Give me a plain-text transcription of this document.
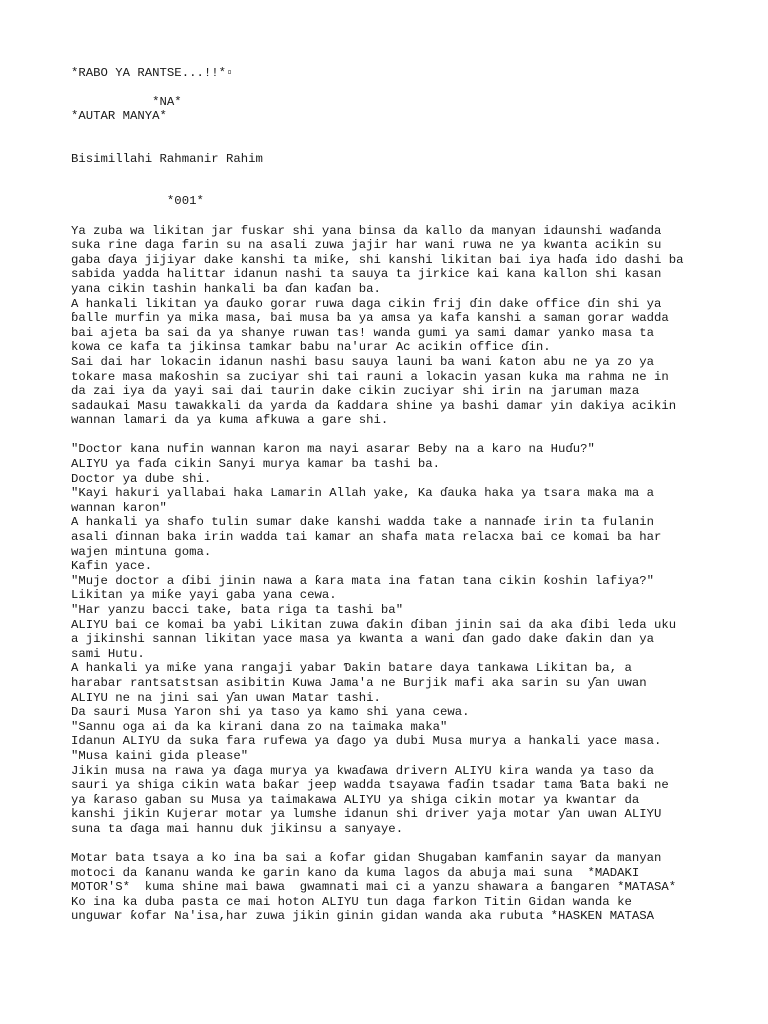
*RABO YA RANTSE...!!*▫
*NA*
*AUTAR MANYA*
Bisimillahi Rahmanir Rahim
*001*
Ya zuba wa likitan jar fuskar shi yana binsa da kallo da manyan idaunshi waɗanda
suka rine daga farin su na asali zuwa jajir har wani ruwa ne ya kwanta acikin su
gaba ɗaya jijiyar dake kanshi ta miƙe, shi kanshi likitan bai iya haɗa ido dashi ba
sabida yadda halittar idanun nashi ta sauya ta jirkice kai kana kallon shi kasan
yana cikin tashin hankali ba ɗan kaɗan ba.
A hankali likitan ya ɗauko gorar ruwa daga cikin frij ɗin dake office ɗin shi ya
ɓalle murfin ya mika masa, bai musa ba ya amsa ya kafa kanshi a saman gorar wadda
bai ajeta ba sai da ya shanye ruwan tas! wanda gumi ya sami damar yanko masa ta
kowa ce kafa ta jikinsa tamkar babu na'urar Ac acikin office ɗin.
Sai dai har lokacin idanun nashi basu sauya launi ba wani ƙaton abu ne ya zo ya
tokare masa maƙoshin sa zuciyar shi tai rauni a lokacin yasan kuka ma rahma ne in
da zai iya da yayi sai dai taurin dake cikin zuciyar shi irin na jaruman maza
sadaukai Masu tawakkali da yarda da ƙaddara shine ya bashi damar yin dakiya acikin
wannan lamari da ya kuma afkuwa a gare shi.
"Doctor kana nufin wannan karon ma nayi asarar Beby na a karo na Huɗu?"
ALIYU ya faɗa cikin Sanyi murya kamar ba tashi ba.
Doctor ya dube shi.
"Kayi hakuri yallabai haka Lamarin Allah yake, Ka ɗauka haka ya tsara maka ma a
wannan karon"
A hankali ya shafo tulin sumar dake kanshi wadda take a nannaɗe irin ta fulanin
asali ɗinnan baka irin wadda tai kamar an shafa mata relacxa bai ce komai ba har
wajen mintuna goma.
Kafin yace.
"Muje doctor a ɗibi jinin nawa a ƙara mata ina fatan tana cikin ƙoshin lafiya?"
Likitan ya miƙe yayi gaba yana cewa.
"Har yanzu bacci take, bata riga ta tashi ba"
ALIYU bai ce komai ba yabi Likitan zuwa ɗakin ɗiban jinin sai da aka ɗibi leda uku
a jikinshi sannan likitan yace masa ya kwanta a wani ɗan gado dake ɗakin dan ya
sami Hutu.
A hankali ya miƙe yana rangaji yabar Ɗakin batare daya tankawa Likitan ba, a
harabar rantsatstsan asibitin Kuwa Jama'a ne Burjik mafi aka sarin su ƴan uwan
ALIYU ne na jini sai ƴan uwan Matar tashi.
Da sauri Musa Yaron shi ya taso ya kamo shi yana cewa.
"Sannu oga ai da ka kirani dana zo na taimaka maka"
Idanun ALIYU da suka fara rufewa ya ɗago ya dubi Musa murya a hankali yace masa.
"Musa kaini gida please"
Jikin musa na rawa ya ɗaga murya ya kwaɗawa drivern ALIYU kira wanda ya taso da
sauri ya shiga cikin wata baƙar jeep wadda tsayawa faɗin tsadar tama Ɓata baki ne
ya ƙaraso gaban su Musa ya taimakawa ALIYU ya shiga cikin motar ya kwantar da
kanshi jikin Kujerar motar ya lumshe idanun shi driver yaja motar ƴan uwan ALIYU
suna ta ɗaga mai hannu duk jikinsu a sanyaye.
Motar bata tsaya a ko ina ba sai a ƙofar gidan Shugaban kamfanin sayar da manyan
motoci da ƙananu wanda ke garin kano da kuma lagos da abuja mai suna  *MADAKI
MOTOR'S*  kuma shine mai bawa  gwamnati mai ci a yanzu shawara a ɓangaren *MATASA*
Ko ina ka duba pasta ce mai hoton ALIYU tun daga farkon Titin Gidan wanda ke
unguwar ƙofar Na'isa,har zuwa jikin ginin gidan wanda aka rubuta *HASKEN MATASA
